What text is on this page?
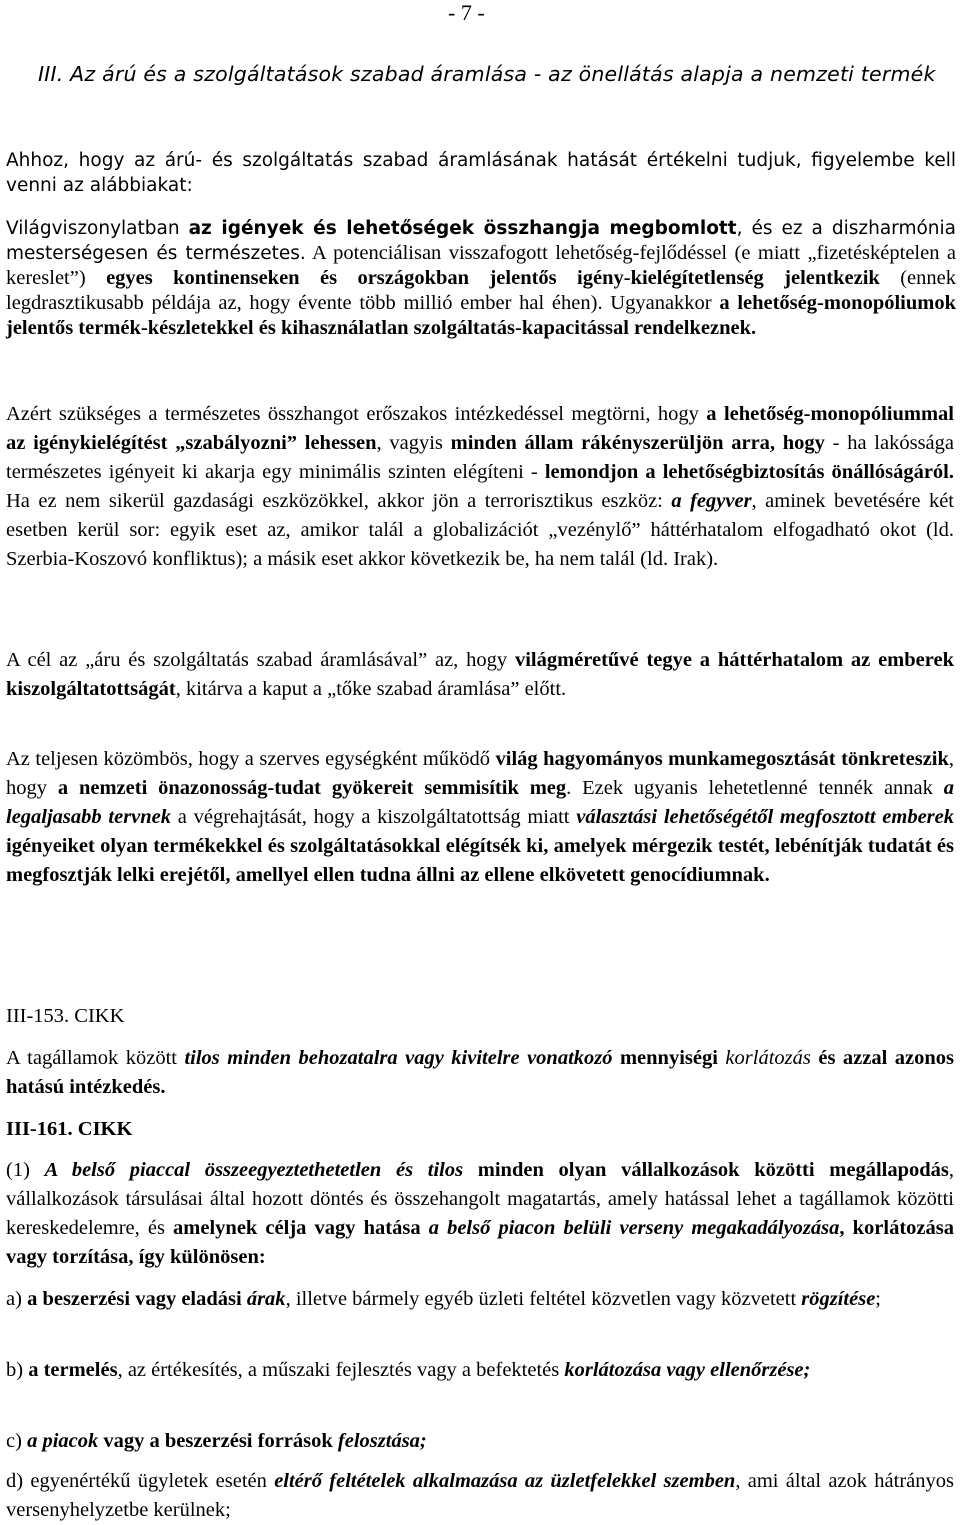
- 7 -
III. Az árú és a szolgáltatások szabad áramlása - az önellátás alapja a nemzeti termék
Ahhoz, hogy az árú- és szolgáltatás szabad áramlásának hatását értékelni tudjuk, figyelembe kell venni az alábbiakat:
Világviszonylatban az igények és lehetőségek összhangja megbomlott, és ez a diszharmónia mesterségesen és természetes. A potenciálisan visszafogott lehetőség-fejlődéssel (e miatt „fizetésképtelen a kereslet”) egyes kontinenseken és országokban jelentős igény-kielégítetlenség jelentkezik (ennek legdrasztikusabb példája az, hogy évente több millió ember hal éhen). Ugyanakkor a lehetőség-monopóliumok jelentős termék-készletekkel és kihasználatlan szolgáltatás-kapacitással rendelkeznek.
Azért szükséges a természetes összhangot erőszakos intézkedéssel megtörni, hogy a lehetőség-monopóliummal az igénykielégítést „szabályozni” lehessen, vagyis minden állam rákényszerüljön arra, hogy - ha lakóssága természetes igényeit ki akarja egy minimális szinten elégíteni - lemondjon a lehetőségbiztosítás önállóságáról. Ha ez nem sikerül gazdasági eszközökkel, akkor jön a terrorisztikus eszköz: a fegyver, aminek bevetésére két esetben kerül sor: egyik eset az, amikor talál a globalizációt „vezénylő” háttérhatalom elfogadható okot (ld. Szerbia-Koszovó konfliktus); a másik eset akkor következik be, ha nem talál (ld. Irak).
A cél az „áru és szolgáltatás szabad áramlásával” az, hogy világméretűvé tegye a háttérhatalom az emberek kiszolgáltatottságát, kitárva a kaput a „tőke szabad áramlása” előtt.
Az teljesen közömbös, hogy a szerves egységként működő világ hagyományos munkamegosztását tönkreteszik, hogy a nemzeti önazonosság-tudat gyökereit semmisítik meg. Ezek ugyanis lehetetlenné tennék annak a legaljasabb tervnek a végrehajtását, hogy a kiszolgáltatottság miatt választási lehetőségétől megfosztott emberek igényeiket olyan termékekkel és szolgáltatásokkal elégítsék ki, amelyek mérgezik testét, lebénítják tudatát és megfosztják lelki erejétől, amellyel ellen tudna állni az ellene elkövetett genocídiumnak.
III-153. CIKK
A tagállamok között tilos minden behozatalra vagy kivitelre vonatkozó mennyiségi korlátozás és azzal azonos hatású intézkedés.
III-161. CIKK
(1) A belső piaccal összeegyeztethetetlen és tilos minden olyan vállalkozások közötti megállapodás, vállalkozások társulásai által hozott döntés és összehangolt magatartás, amely hatással lehet a tagállamok közötti kereskedelemre, és amelynek célja vagy hatása a belső piacon belüli verseny megakadályozása, korlátozása vagy torzítása, így különösen:
a) a beszerzési vagy eladási árak, illetve bármely egyéb üzleti feltétel közvetlen vagy közvetett rögzítése;
b) a termelés, az értékesítés, a műszaki fejlesztés vagy a befektetés korlátozása vagy ellenőrzése;
c) a piacok vagy a beszerzési források felosztása;
d) egyenértékű ügyletek esetén eltérő feltételek alkalmazása az üzletfelekkel szemben, ami által azok hátrányos versenyhelyzetbe kerülnek;
